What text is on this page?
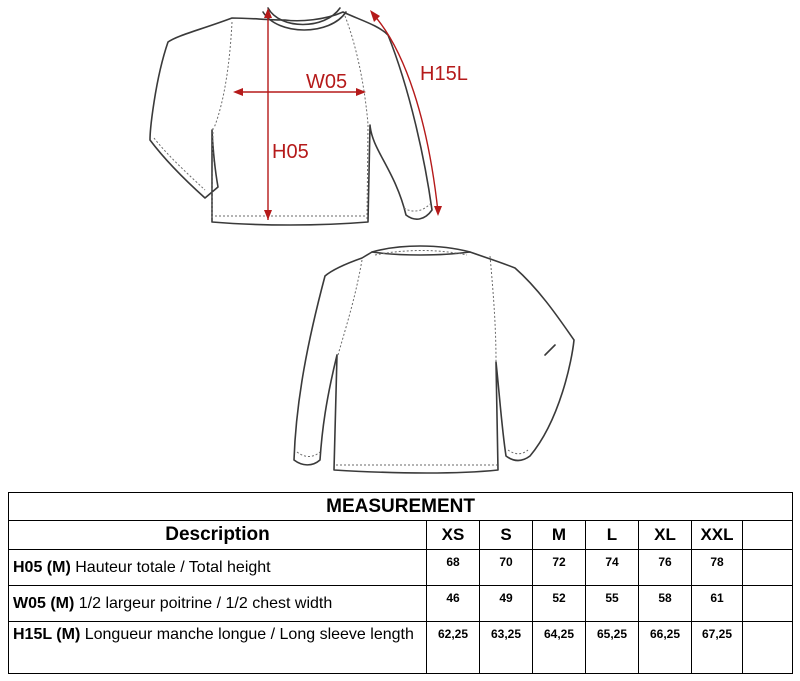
W05
H05
H15L
MEASUREMENT							
Description	XS	S	M	L	XL	XXL	
H05 (M) Hauteur totale / Total height	68	70	72	74	76	78	
W05 (M) 1/2 largeur poitrine / 1/2 chest width	46	49	52	55	58	61	
H15L (M) Longueur manche longue / Long sleeve length	62,25	63,25	64,25	65,25	66,25	67,25	
